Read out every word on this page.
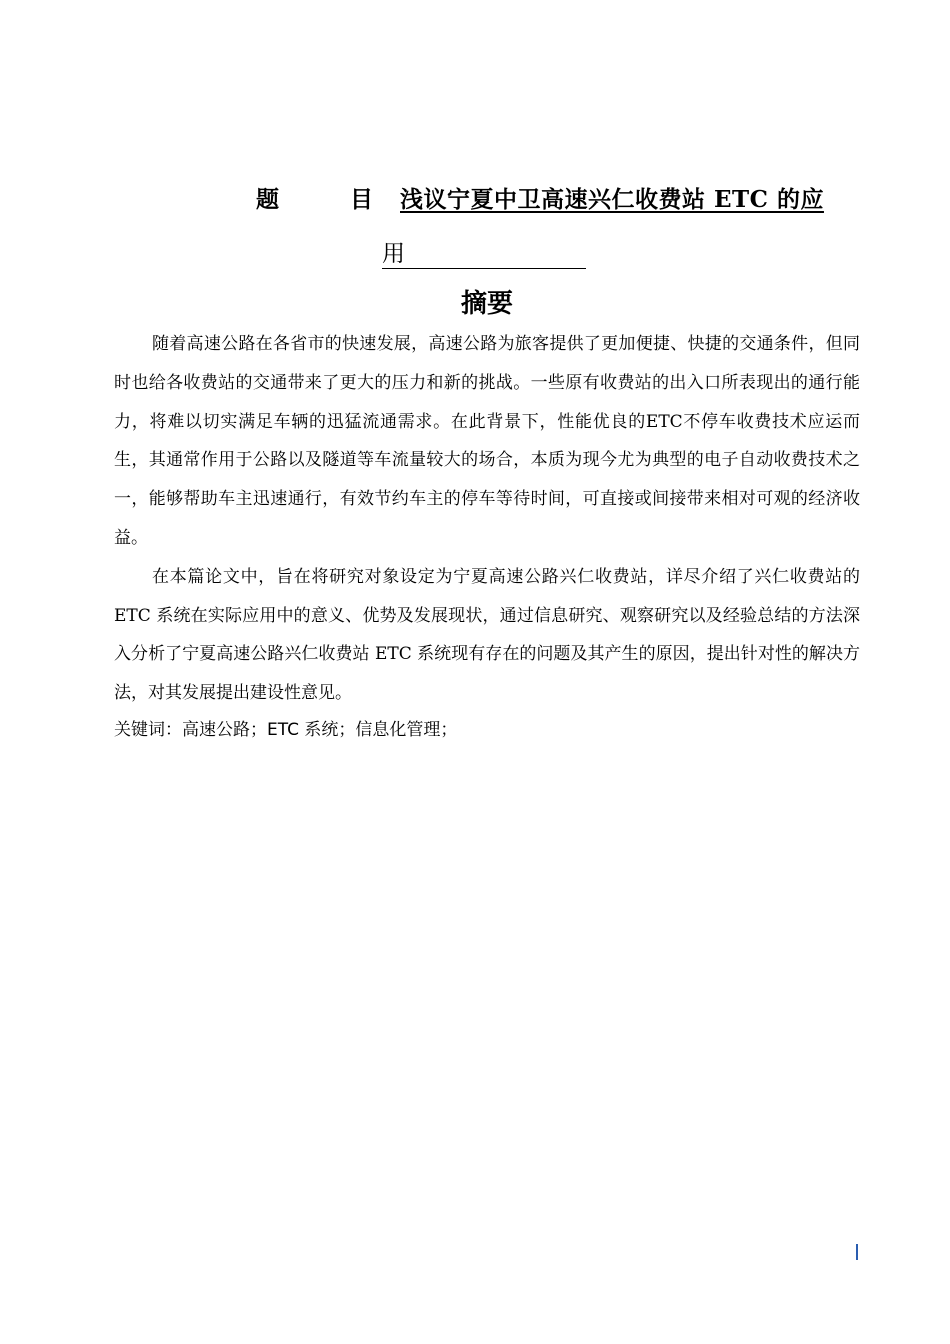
题	目	浅议宁夏中卫高速兴仁收费站 ETC 的应
用
摘要

随着高速公路在各省市的快速发展，高速公路为旅客提供了更加便捷、快捷的交通条件，但同时也给各收费站的交通带来了更大的压力和新的挑战。一些原有收费站的出入口所表现出的通行能力，将难以切实满足车辆的迅猛流通需求。在此背景下，性能优良的ETC不停车收费技术应运而生，其通常作用于公路以及隧道等车流量较大的场合，本质为现今尤为典型的电子自动收费技术之一，能够帮助车主迅速通行，有效节约车主的停车等待时间，可直接或间接带来相对可观的经济收益。

在本篇论文中，旨在将研究对象设定为宁夏高速公路兴仁收费站，详尽介绍了兴仁收费站的 ETC 系统在实际应用中的意义、优势及发展现状，通过信息研究、观察研究以及经验总结的方法深入分析了宁夏高速公路兴仁收费站 ETC 系统现有存在的问题及其产生的原因，提出针对性的解决方法，对其发展提出建设性意见。

关键词：高速公路；ETC 系统；信息化管理；
